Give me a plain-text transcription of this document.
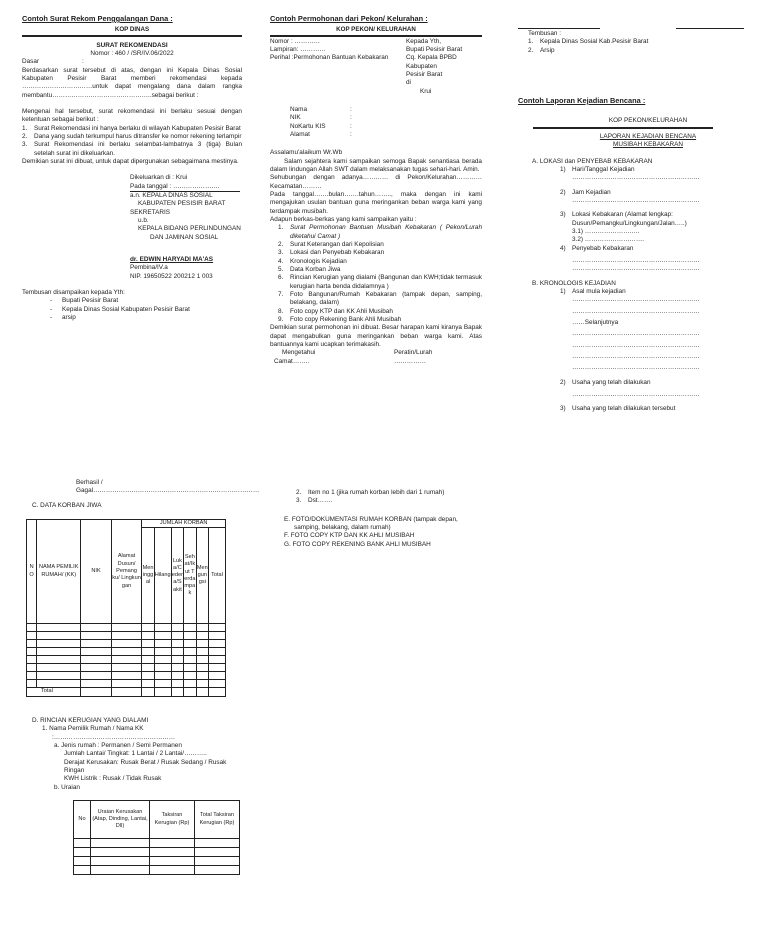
Contoh Surat Rekom Penggalangan Dana :
KOP DINAS
SURAT REKOMENDASI
Nomor : 460 / /SR/IV.06/2022
Dasar	:
Berdasarkan surat tersebut di atas, dengan ini Kepala Dinas Sosial Kabupaten Pesisir Barat memberi rekomendasi kepada ……………………………untuk dapat mengalang dana dalam rangka membantu………………………………………..sebagai berikut :
Mengenai hal tersebut, surat rekomendasi ini berlaku sesuai dengan ketentuan sebagai berikut :
1.	Surat Rekomendasi ini hanya berlaku di wilayah Kabupaten Pesisir Barat
2.	Dana yang sudah terkumpul harus ditransfer ke nomor rekening terlampir
3.	Surat Rekomendasi ini berlaku selambat-lambatnya 3 (tiga) Bulan setelah surat ini dikeluarkan.
Demikian surat ini dibuat, untuk dapat dipergunakan sebagaimana mestinya.
Dikeluarkan di : Krui
Pada tanggal : ………………….
a.n. KEPALA DINAS SOSIAL
KABUPATEN PESISIR BARAT
SEKRETARIS
u.b.
KEPALA BIDANG PERLINDUNGAN
DAN JAMINAN SOSIAL
dr. EDWIN HARYADI MA'AS
Pembina/IV.a
NIP. 19650522 200212 1 003
Tembusan disampaikan kepada Yth:
-	Bupati Pesisir Barat
-	Kepala Dinas Sosial Kabupaten Pesisir Barat
-	arsip
Contoh Permohonan dari Pekon/ Kelurahan :
KOP PEKON/ KELURAHAN
Nomor : …………
Lampiran: …………
Perihal :Permohonan Bantuan Kebakaran
Kepada Yth,
Bupati Pesisir Barat
Cq. Kepala BPBD
Kabupaten
Pesisir Barat
di
Krui
Nama	:
NIK	:
NoKartu KIS	:
Alamat	:
Assalamu'alaikum Wr.Wb
Salam sejahtera kami sampaikan semoga Bapak senantiasa berada dalam lindungan Allah SWT dalam melaksanakan tugas sehari-hari. Amin.
Sehubungan dengan adanya………… di Pekon/Kelurahan…………Kecamatan………
Pada tanggal…….bulan…….tahun…….., maka dengan ini kami mengajukan usulan bantuan guna meringankan beban warga kami yang terdampak musibah.
Adapun berkas-berkas yang kami sampaikan yaitu :
1.	Surat Permohonan Bantuan Musibah Kebakaran ( Pekon/Lurah diketahui Camat )
2.	Surat Keterangan dari Kepolisian
3.	Lokasi dan Penyebab Kebakaran
4.	Kronologis Kejadian
5.	Data Korban Jiwa
6.	Rincian Kerugian yang dialami (Bangunan dan KWH;tidak termasuk kerugian harta benda didalamnya )
7.	Foto Bangunan/Rumah Kebakaran (tampak depan, samping, belakang, dalam)
8.	Foto copy KTP dan KK Ahli Musibah
9.	Foto copy Rekening Bank Ahli Musibah
Demikian surat permohonan ini dibuat. Besar harapan kami kiranya Bapak dapat mengabulkan guna meringankan beban warga kami. Atas bantuannya kami ucapkan terimakasih.
Mengetahui
Camat……..
Peratin/Lurah
……………
Tembusan :
1.	Kepala Dinas Sosial Kab.Pesisir Barat
2.	Arsip
Contoh Laporan Kejadian Bencana :
KOP PEKON/KELURAHAN
LAPORAN KEJADIAN BENCANA
MUSIBAH KEBAKARAN
A. LOKASI dan PENYEBAB KEBAKARAN
1) Hari/Tanggal Kejadian
……………………………………………………
2) Jam Kejadian
……………………………………………………
3) Lokasi Kebakaran (Alamat lengkap: Dusun/Pemangku/Lingkungan/Jalan…..)
3.1) ……………………..
3.2) ……………………….
4) Penyebab Kebakaran
……………………………………………………
……………………………………………………
B. KRONOLOGIS KEJADIAN
1) Asal mula kejadian
……………………………………………………
……………………………………………………
……Selanjutnya
……………………………………………………
……………………………………………………
……………………………………………………
……………………………………………………
2) Usaha yang telah dilakukan
……………………………………………………
3) Usaha yang telah dilakukan tersebut
Berhasil /
Gagal……………………………………………………………………
C. DATA KORBAN JIWA
N O	NAMA PEMILIK RUMAH/ (KK)	NIK	Alamat Dusun/ Pemang ku/ Lingkun gan	JUMLAH KORBAN					
				Meninggal	Hilang	Luka/Cedera/Sakit	Sehat/Ikut Terdampak	Mengungsi	Total

Total									
D. RINCIAN KERUGIAN YANG DIALAMI
1. Nama Pemilik Rumah / Nama KK
:…………………………………………………
a. Jenis rumah : Permanen / Semi Permanen
Jumlah Lantai/ Tingkat: 1 Lantai / 2 Lantai/………..
Derajat Kerusakan: Rusak Berat / Rusak Sedang / Rusak Ringan
KWH Listrik : Rusak / Tidak Rusak
b. Uraian
No	Uraian Kerusakan (Atap, Dinding, Lantai, Dll)	Taksiran Kerugian (Rp)	Total Taksiran Kerugian (Rp)

2.	Item no 1 (jika rumah korban lebih dari 1 rumah)
3.	Dst…….
E. FOTO/DOKUMENTASI RUMAH KORBAN (tampak depan, samping, belakang, dalam rumah)
F. FOTO COPY KTP DAN KK AHLI MUSIBAH
G. FOTO COPY REKENING BANK AHLI MUSIBAH
